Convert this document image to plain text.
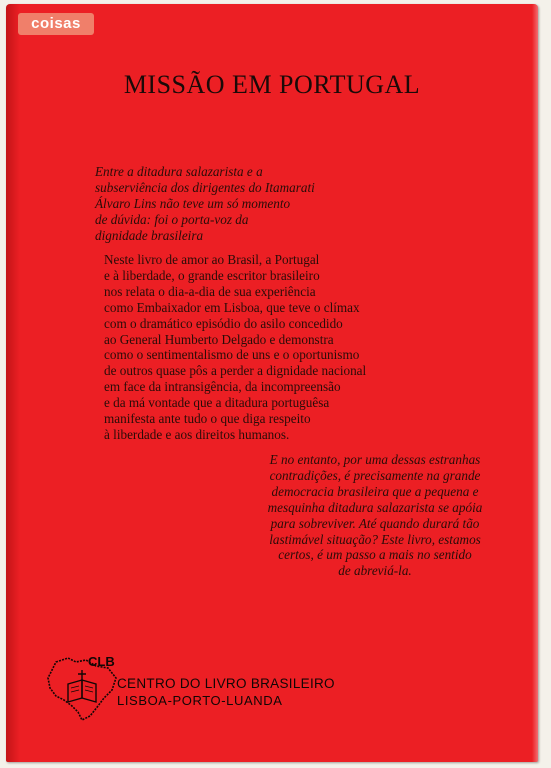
coisas
MISSÃO EM PORTUGAL
Entre a ditadura salazarista e a
subserviência dos dirigentes do Itamarati
Álvaro Lins não teve um só momento
de dúvida: foi o porta-voz da
dignidade brasileira
Neste livro de amor ao Brasil, a Portugal
e à liberdade, o grande escritor brasileiro
nos relata o dia-a-dia de sua experiência
como Embaixador em Lisboa, que teve o clímax
com o dramático episódio do asilo concedido
ao General Humberto Delgado e demonstra
como o sentimentalismo de uns e o oportunismo
de outros quase pôs a perder a dignidade nacional
em face da intransigência, da incompreensão
e da má vontade que a ditadura portuguêsa
manifesta ante tudo o que diga respeito
à liberdade e aos direitos humanos.
E no entanto, por uma dessas estranhas
contradições, é precisamente na grande
democracia brasileira que a pequena e
mesquinha ditadura salazarista se apóia
para sobreviver. Até quando durará tão
lastimável situação? Este livro, estamos
certos, é um passo a mais no sentido
de abreviá-la.
CLB
CENTRO DO LIVRO BRASILEIRO
LISBOA-PORTO-LUANDA
